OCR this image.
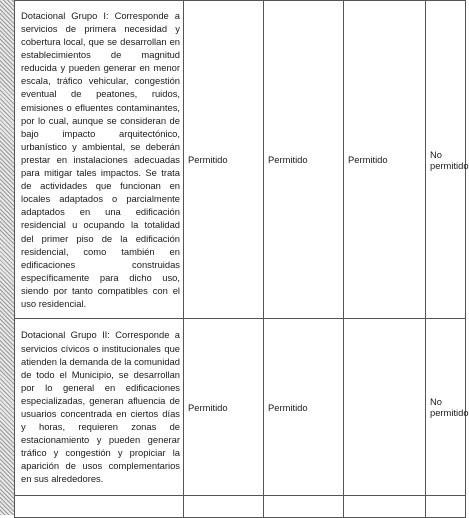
Dotacional Grupo I: Corresponde a servicios de primera necesidad y cobertura local, que se desarrollan en establecimientos de magnitud reducida y pueden generar en menor escala, tráfico vehicular, congestión eventual de peatones, ruidos, emisiones o efluentes contaminantes, por lo cual, aunque se consideran de bajo impacto arquitectónico, urbanístico y ambiental, se deberán prestar en instalaciones adecuadas para mitigar tales impactos. Se trata de actividades que funcionan en locales adaptados o parcialmente adaptados en una edificación residencial u ocupando la totalidad del primer piso de la edificación residencial, como también en edificaciones construidas específicamente para dicho uso, siendo por tanto compatibles con el uso residencial.	Permitido	Permitido	Permitido	No permitido
Dotacional Grupo II: Corresponde a servicios cívicos o institucionales que atienden la demanda de la comunidad de todo el Municipio, se desarrollan por lo general en edificaciones especializadas, generan afluencia de usuarios concentrada en ciertos días y horas, requieren zonas de estacionamiento y pueden generar tráfico y congestión y propiciar la aparición de usos complementarios en sus alrededores.	Permitido	Permitido		No permitido
